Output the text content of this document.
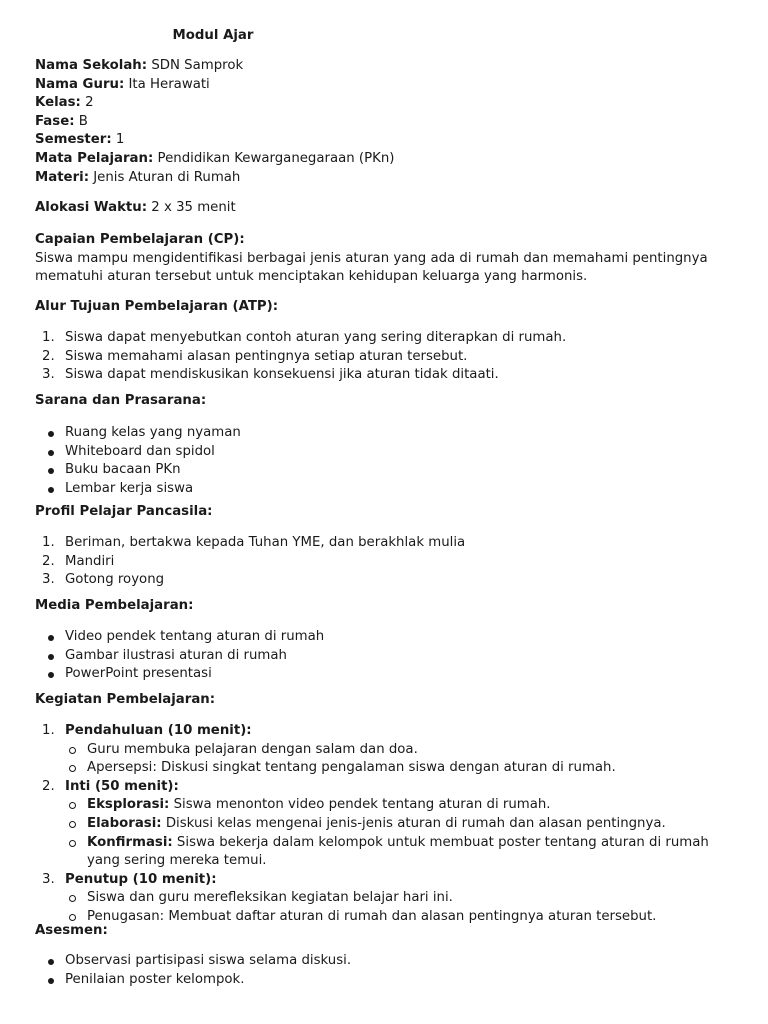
Modul Ajar
Nama Sekolah: SDN Samprok
Nama Guru: Ita Herawati
Kelas: 2
Fase: B
Semester: 1
Mata Pelajaran: Pendidikan Kewarganegaraan (PKn)
Materi: Jenis Aturan di Rumah
Alokasi Waktu: 2 x 35 menit
Capaian Pembelajaran (CP):
Siswa mampu mengidentifikasi berbagai jenis aturan yang ada di rumah dan memahami pentingnya mematuhi aturan tersebut untuk menciptakan kehidupan keluarga yang harmonis.
Alur Tujuan Pembelajaran (ATP):
1. Siswa dapat menyebutkan contoh aturan yang sering diterapkan di rumah.
2. Siswa memahami alasan pentingnya setiap aturan tersebut.
3. Siswa dapat mendiskusikan konsekuensi jika aturan tidak ditaati.
Sarana dan Prasarana:
Ruang kelas yang nyaman
Whiteboard dan spidol
Buku bacaan PKn
Lembar kerja siswa
Profil Pelajar Pancasila:
1. Beriman, bertakwa kepada Tuhan YME, dan berakhlak mulia
2. Mandiri
3. Gotong royong
Media Pembelajaran:
Video pendek tentang aturan di rumah
Gambar ilustrasi aturan di rumah
PowerPoint presentasi
Kegiatan Pembelajaran:
1. Pendahuluan (10 menit):
Guru membuka pelajaran dengan salam dan doa.
Apersepsi: Diskusi singkat tentang pengalaman siswa dengan aturan di rumah.
2. Inti (50 menit):
Eksplorasi: Siswa menonton video pendek tentang aturan di rumah.
Elaborasi: Diskusi kelas mengenai jenis-jenis aturan di rumah dan alasan pentingnya.
Konfirmasi: Siswa bekerja dalam kelompok untuk membuat poster tentang aturan di rumah yang sering mereka temui.
3. Penutup (10 menit):
Siswa dan guru merefleksikan kegiatan belajar hari ini.
Penugasan: Membuat daftar aturan di rumah dan alasan pentingnya aturan tersebut.
Asesmen:
Observasi partisipasi siswa selama diskusi.
Penilaian poster kelompok.
